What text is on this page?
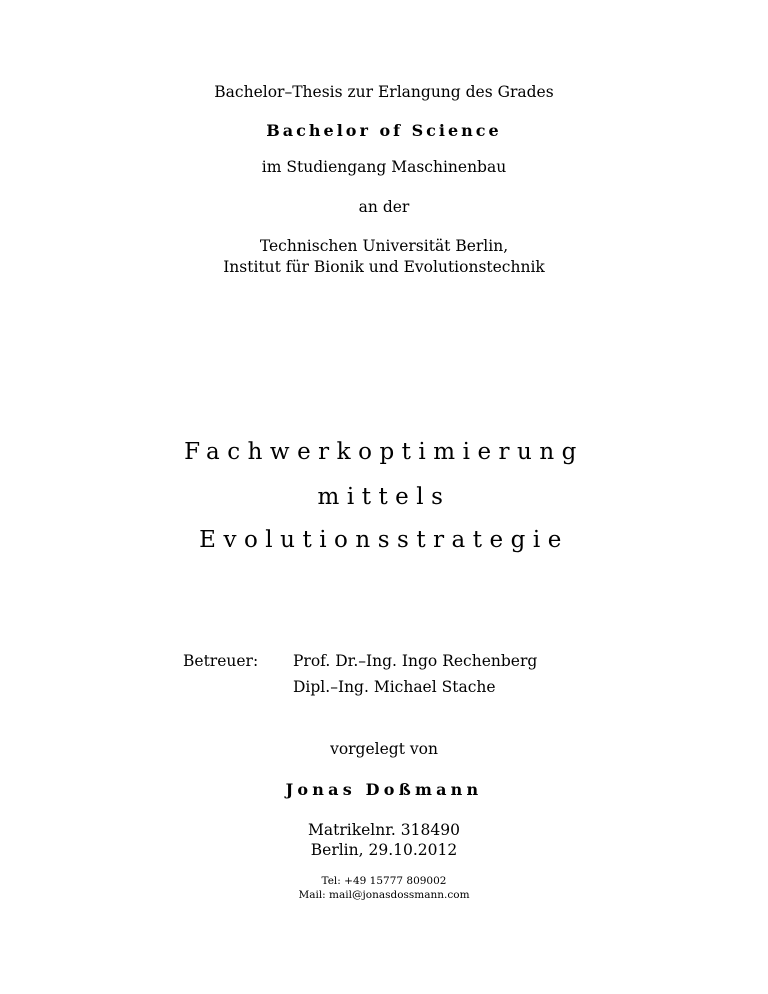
Bachelor–Thesis zur Erlangung des Grades
Bachelor of Science
im Studiengang Maschinenbau
an der
Technischen Universität Berlin,
Institut für Bionik und Evolutionstechnik
Fachwerkoptimierung
mittels
Evolutionsstrategie
Betreuer: Prof. Dr.–Ing. Ingo Rechenberg
Dipl.–Ing. Michael Stache
vorgelegt von
Jonas Doßmann
Matrikelnr. 318490
Berlin, 29.10.2012
Tel: +49 15777 809002
Mail: mail@jonasdossmann.com
